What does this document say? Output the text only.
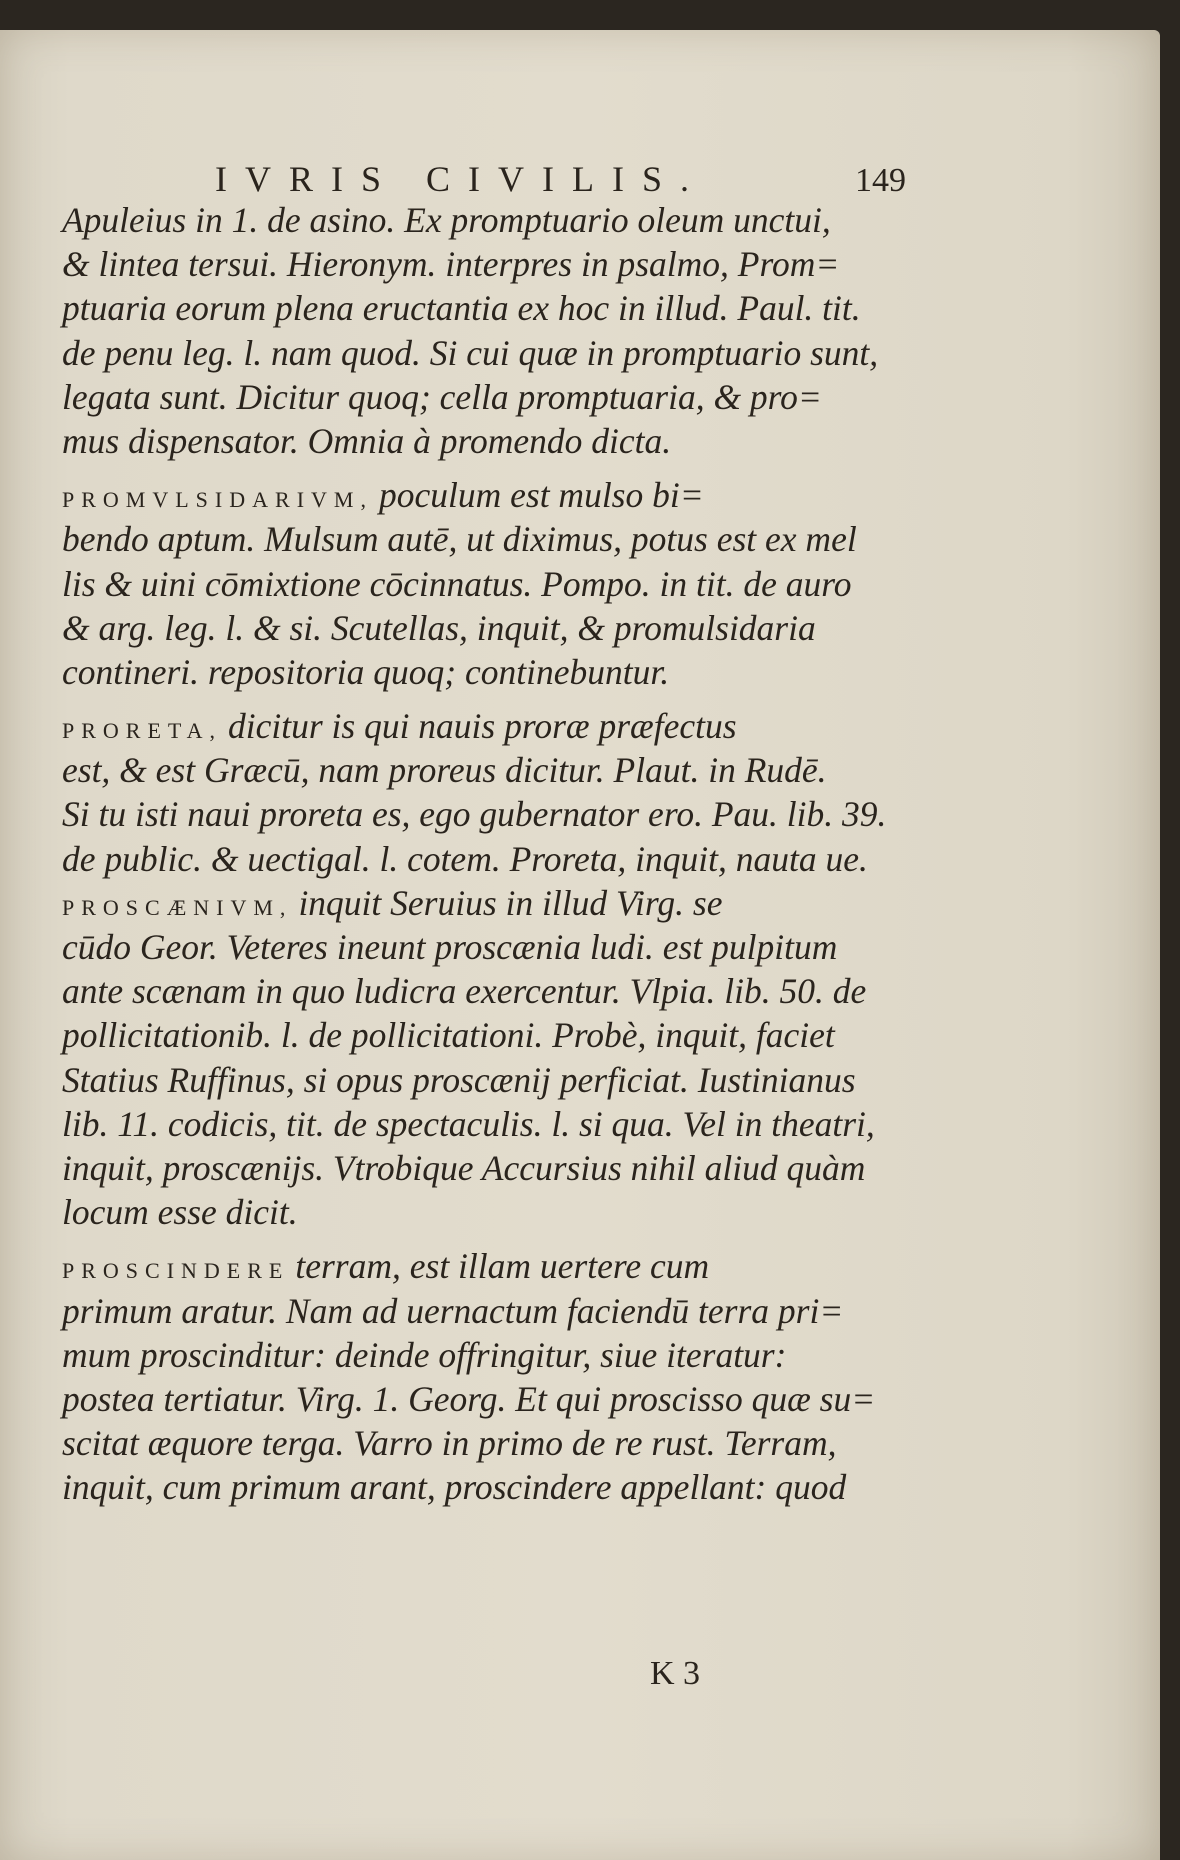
IVRIS CIVILIS.	149
Apuleius in 1. de asino. Ex promptuario oleum unctui,
& lintea tersui. Hieronym. interpres in psalmo, Prom=
ptuaria eorum plena eructantia ex hoc in illud. Paul. tit.
de penu leg. l. nam quod. Si cui quæ in promptuario sunt,
legata sunt. Dicitur quoq; cella promptuaria, & pro=
mus dispensator. Omnia à promendo dicta.
PROMVLSIDARIVM, poculum est mulso bi=
bendo aptum. Mulsum autē, ut diximus, potus est ex mel
lis & uini cōmixtione cōcinnatus. Pompo. in tit. de auro
& arg. leg. l. & si. Scutellas, inquit, & promulsidaria
contineri. repositoria quoq; continebuntur.
PRORETA, dicitur is qui nauis proræ præfectus
est, & est Græcū, nam proreus dicitur. Plaut. in Rudē.
Si tu isti naui proreta es, ego gubernator ero. Pau. lib. 39.
de public. & uectigal. l. cotem. Proreta, inquit, nauta ue.
PROSCÆNIVM, inquit Seruius in illud Virg. se
cūdo Geor. Veteres ineunt proscænia ludi. est pulpitum
ante scænam in quo ludicra exercentur. Vlpia. lib. 50. de
pollicitationib. l. de pollicitationi. Probè, inquit, faciet
Statius Ruffinus, si opus proscænij perficiat. Iustinianus
lib. 11. codicis, tit. de spectaculis. l. si qua. Vel in theatri,
inquit, proscænijs. Vtrobique Accursius nihil aliud quàm
locum esse dicit.
PROSCINDERE terram, est illam uertere cum
primum aratur. Nam ad uernactum faciendū terra pri=
mum proscinditur: deinde offringitur, siue iteratur:
postea tertiatur. Virg. 1. Georg. Et qui proscisso quæ su=
scitat æquore terga. Varro in primo de re rust. Terram,
inquit, cum primum arant, proscindere appellant: quod
K 3
